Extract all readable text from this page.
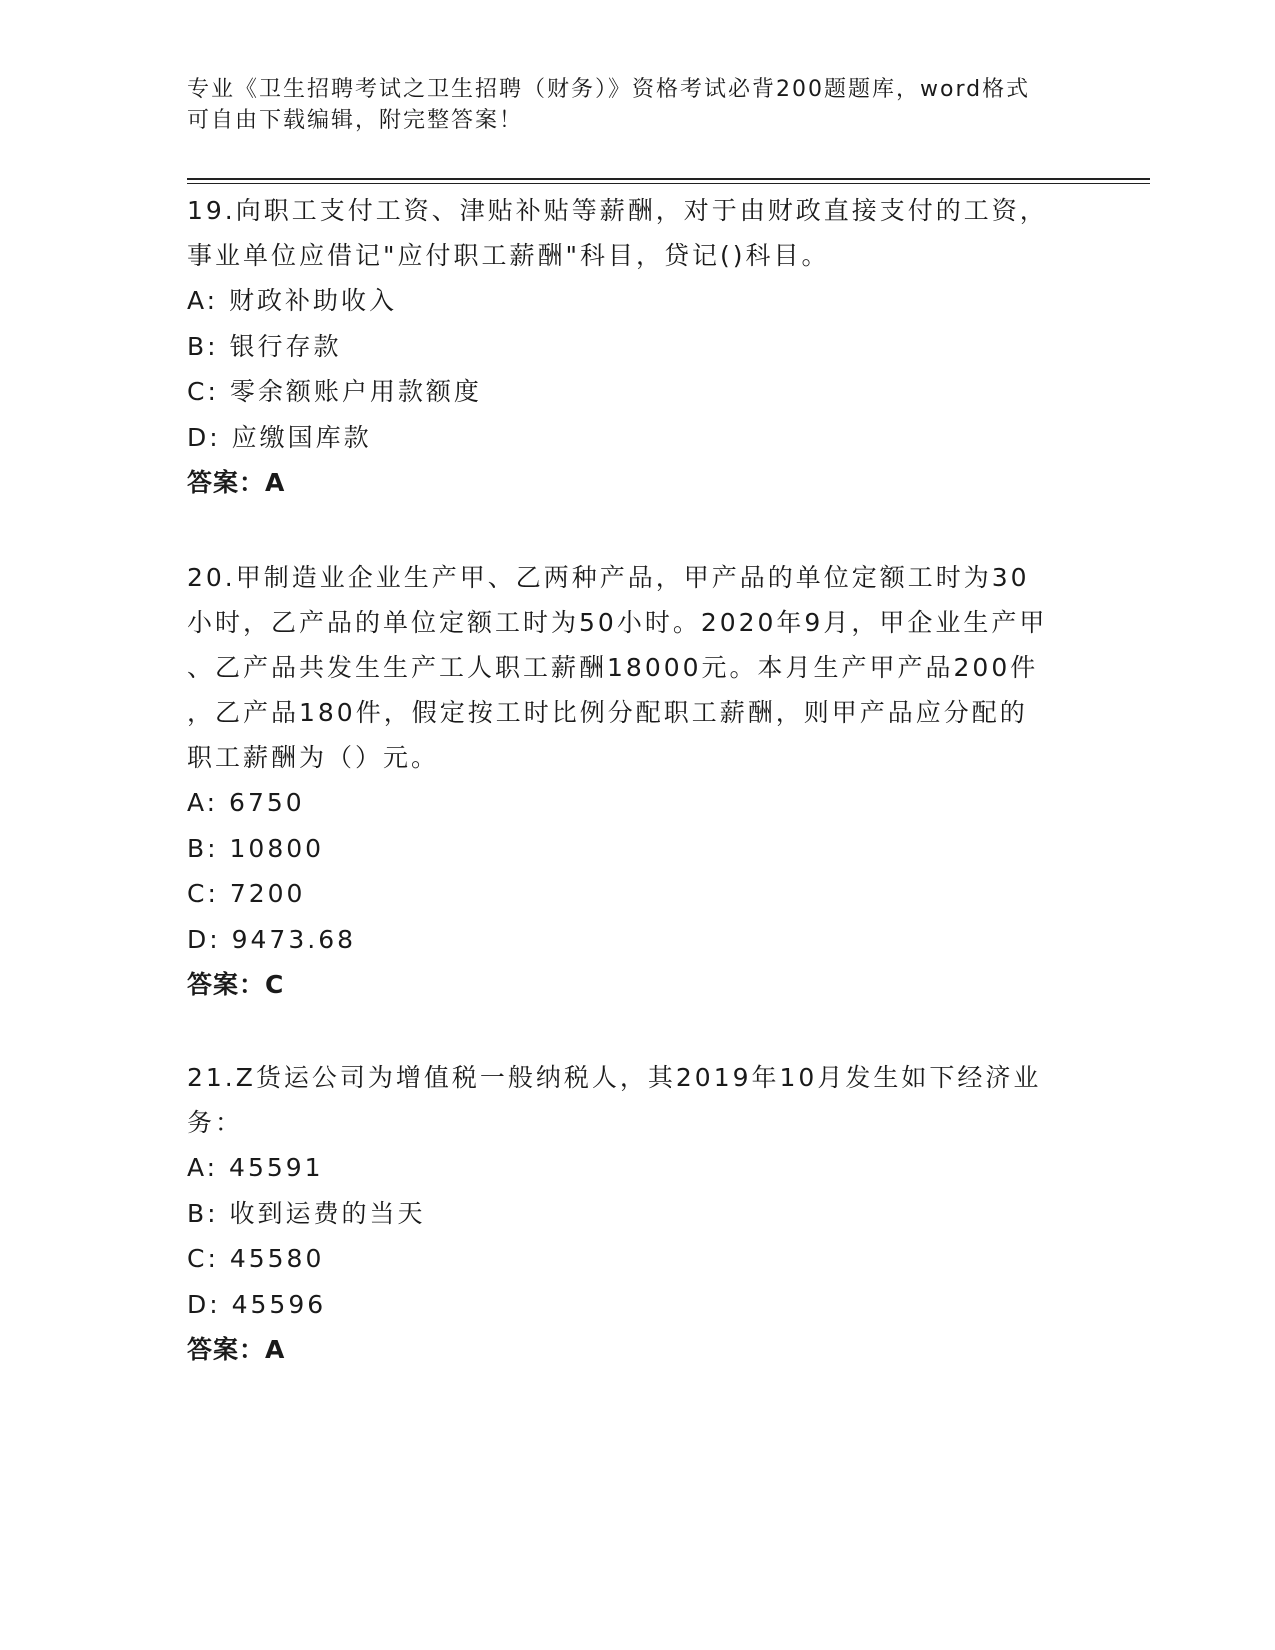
专业《卫生招聘考试之卫生招聘（财务）》资格考试必背200题题库，word格式
可自由下载编辑，附完整答案！
19.向职工支付工资、津贴补贴等薪酬，对于由财政直接支付的工资，
事业单位应借记"应付职工薪酬"科目，贷记()科目。
A: 财政补助收入
B: 银行存款
C: 零余额账户用款额度
D: 应缴国库款
答案：A
20.甲制造业企业生产甲、乙两种产品，甲产品的单位定额工时为30
小时，乙产品的单位定额工时为50小时。2020年9月，甲企业生产甲
、乙产品共发生生产工人职工薪酬18000元。本月生产甲产品200件
，乙产品180件，假定按工时比例分配职工薪酬，则甲产品应分配的
职工薪酬为（）元。
A: 6750
B: 10800
C: 7200
D: 9473.68
答案：C
21.Z货运公司为增值税一般纳税人，其2019年10月发生如下经济业
务：
A: 45591
B: 收到运费的当天
C: 45580
D: 45596
答案：A
